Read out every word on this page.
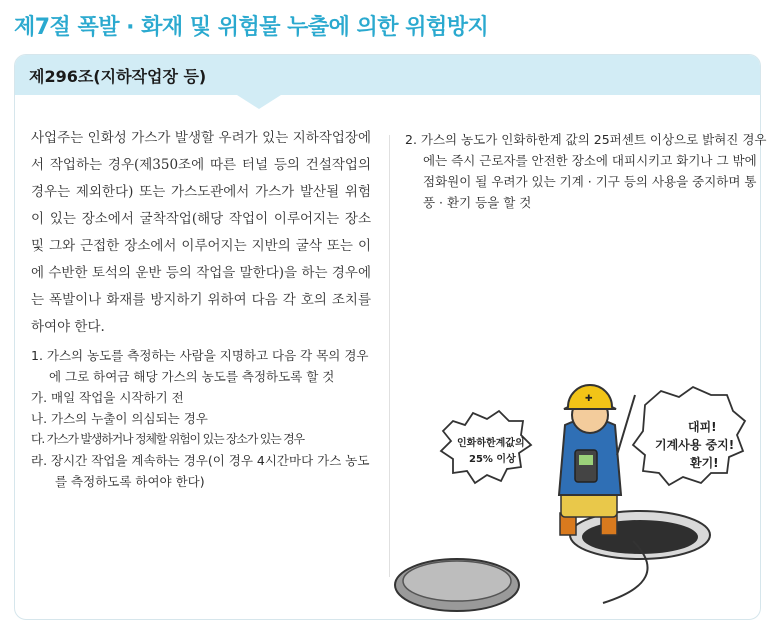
제7절 폭발 · 화재 및 위험물 누출에 의한 위험방지
제296조(지하작업장 등)

사업주는 인화성 가스가 발생할 우려가 있는 지하작업장에서 작업하는 경우(제350조에 따른 터널 등의 건설작업의 경우는 제외한다) 또는 가스도관에서 가스가 발산될 위험이 있는 장소에서 굴착작업(해당 작업이 이루어지는 장소 및 그와 근접한 장소에서 이루어지는 지반의 굴삭 또는 이에 수반한 토석의 운반 등의 작업을 말한다)을 하는 경우에는 폭발이나 화재를 방지하기 위하여 다음 각 호의 조치를 하여야 한다.

1. 가스의 농도를 측정하는 사람을 지명하고 다음 각 목의 경우에 그로 하여금 해당 가스의 농도를 측정하도록 할 것
가. 매일 작업을 시작하기 전
나. 가스의 누출이 의심되는 경우
다. 가스가 발생하거나 정체할 위험이 있는 장소가 있는 경우
라. 장시간 작업을 계속하는 경우(이 경우 4시간마다 가스 농도를 측정하도록 하여야 한다)

2. 가스의 농도가 인화하한계 값의 25퍼센트 이상으로 밝혀진 경우에는 즉시 근로자를 안전한 장소에 대피시키고 화기나 그 밖에 점화원이 될 우려가 있는 기계 · 기구 등의 사용을 중지하며 통풍 · 환기 등을 할 것

✚
인화하한계값의
25% 이상
대피!
기계사용 중지!
환기!
